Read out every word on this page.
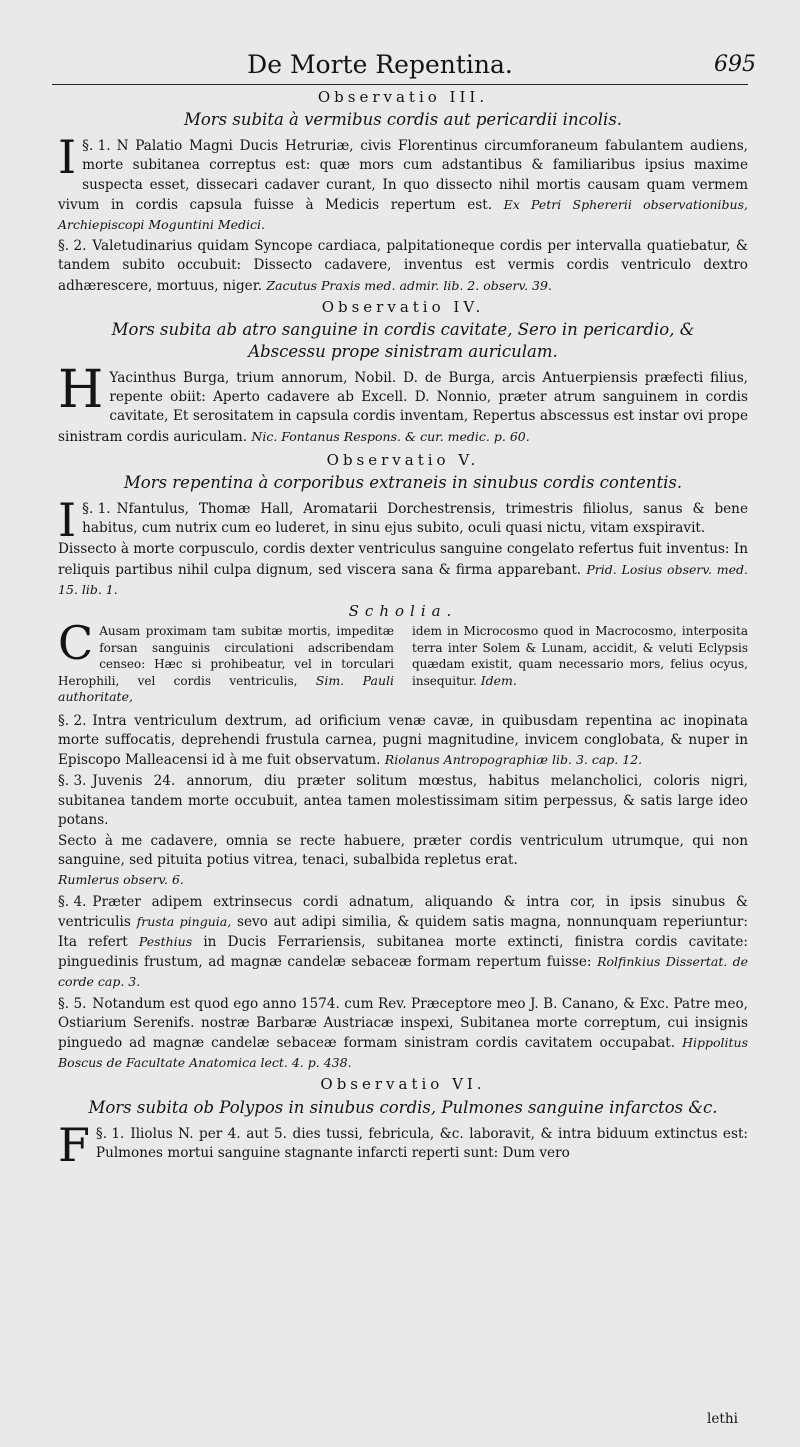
De Morte Repentina.	695
Observatio III.
Mors subita à vermibus cordis aut pericardii incolis.

§. 1.
I	N Palatio Magni Ducis Hetruriæ, civis Florentinus circumforaneum fabulantem audiens, morte subitanea correptus est: quæ mors cum adstantibus & familiaribus ipsius maxime suspecta esset, dissecari cadaver curant, In quo dissecto nihil mortis causam quam vermem vivum in cordis capsula fuisse à Medicis repertum est. Ex Petri Sphererii observationibus, Archiepiscopi Moguntini Medici.

§. 2. Valetudinarius quidam Syncope cardiaca, palpitationeque cordis per intervalla quatiebatur, & tandem subito occubuit: Dissecto cadavere, inventus est vermis cordis ventriculo dextro adhærescere, mortuus, niger. Zacutus Praxis med. admir. lib. 2. observ. 39.

Observatio IV.
Mors subita ab atro sanguine in cordis cavitate, Sero in pericardio, & Abscessu prope sinistram auriculam.

H Yacinthus Burga, trium annorum, Nobil. D. de Burga, arcis Antuerpiensis præfecti filius, repente obiit: Aperto cadavere ab Excell. D. Nonnio, præter atrum sanguinem in cordis cavitate, Et serositatem in capsula cordis inventam, Repertus abscessus est instar ovi prope sinistram cordis auriculam. Nic. Fontanus Respons. & cur. medic. p. 60.

Observatio V.
Mors repentina à corporibus extraneis in sinubus cordis contentis.

§. 1.
I	Nfantulus, Thomæ Hall, Aromatarii Dorchestrensis, trimestris filiolus, sanus & bene habitus, cum nutrix cum eo luderet, in sinu ejus subito, oculi quasi nictu, vitam exspiravit.

Dissecto à morte corpusculo, cordis dexter ventriculus sanguine congelato refertus fuit inventus: In reliquis partibus nihil culpa dignum, sed viscera sana & firma apparebant. Prid. Losius observ. med. 15. lib. 1.

Scholia.
C Ausam proximam tam subitæ mortis, impeditæ forsan sanguinis circulationi adscribendam censeo: Hæc si prohibeatur, vel in torculari Herophili, vel cordis ventriculis, Sim. Pauli authoritate,
idem in Microcosmo quod in Macrocosmo, interposita terra inter Solem & Lunam, accidit, & veluti Eclypsis quædam existit, quam necessario mors, felius ocyus, insequitur. Idem.

§. 2. Intra ventriculum dextrum, ad orificium venæ cavæ, in quibusdam repentina ac inopinata morte suffocatis, deprehendi frustula carnea, pugni magnitudine, invicem conglobata, & nuper in Episcopo Malleacensi id à me fuit observatum. Riolanus Antropographiæ lib. 3. cap. 12.

§. 3. Juvenis 24. annorum, diu præter solitum mœstus, habitus melancholici, coloris nigri, subitanea tandem morte occubuit, antea tamen molestissimam sitim perpessus, & satis large ideo potans.

Secto à me cadavere, omnia se recte habuere, præter cordis ventriculum utrumque, qui non sanguine, sed pituita potius vitrea, tenaci, subalbida repletus erat.
Rumlerus observ. 6.

§. 4. Præter adipem extrinsecus cordi adnatum, aliquando & intra cor, in ipsis sinubus & ventriculis frusta pinguia, sevo aut adipi similia, & quidem satis magna, nonnunquam reperiuntur: Ita refert Pesthius in Ducis Ferrariensis, subitanea morte extincti, finistra cordis cavitate: pinguedinis frustum, ad magnæ candelæ sebaceæ formam repertum fuisse: Rolfinkius Dissertat. de corde cap. 3.

§. 5. Notandum est quod ego anno 1574. cum Rev. Præceptore meo J. B. Canano, & Exc. Patre meo, Ostiarium Serenifs. nostræ Barbaræ Austriacæ inspexi, Subitanea morte correptum, cui insignis pinguedo ad magnæ candelæ sebaceæ formam sinistram cordis cavitatem occupabat. Hippolitus Boscus de Facultate Anatomica lect. 4. p. 438.

Observatio VI.
Mors subita ob Polypos in sinubus cordis, Pulmones sanguine infarctos &c.

§. 1.
F	Iliolus N. per 4. aut 5. dies tussi, febricula, &c. laboravit, & intra biduum extinctus est: Pulmones mortui sanguine stagnante infarcti reperti sunt: Dum vero

lethi
